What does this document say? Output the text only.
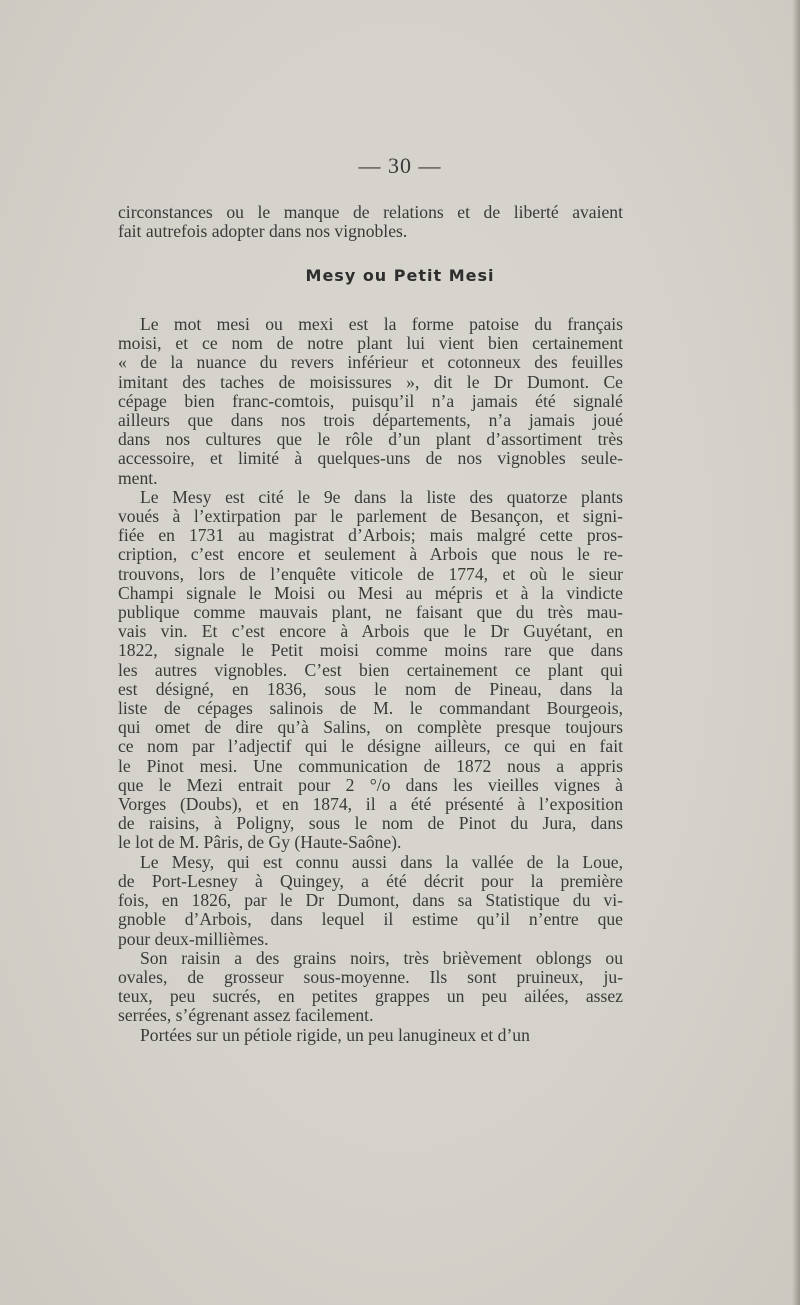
— 30 —
circonstances ou le manque de relations et de liberté avaient
fait autrefois adopter dans nos vignobles.
Mesy ou Petit Mesi
Le mot mesi ou mexi est la forme patoise du français
moisi, et ce nom de notre plant lui vient bien certainement
« de la nuance du revers inférieur et cotonneux des feuilles
imitant des taches de moisissures », dit le Dr Dumont. Ce
cépage bien franc-comtois, puisqu’il n’a jamais été signalé
ailleurs que dans nos trois départements, n’a jamais joué
dans nos cultures que le rôle d’un plant d’assortiment très
accessoire, et limité à quelques-uns de nos vignobles seule-
ment.
Le Mesy est cité le 9e dans la liste des quatorze plants
voués à l’extirpation par le parlement de Besançon, et signi-
fiée en 1731 au magistrat d’Arbois; mais malgré cette pros-
cription, c’est encore et seulement à Arbois que nous le re-
trouvons, lors de l’enquête viticole de 1774, et où le sieur
Champi signale le Moisi ou Mesi au mépris et à la vindicte
publique comme mauvais plant, ne faisant que du très mau-
vais vin. Et c’est encore à Arbois que le Dr Guyétant, en
1822, signale le Petit moisi comme moins rare que dans
les autres vignobles. C’est bien certainement ce plant qui
est désigné, en 1836, sous le nom de Pineau, dans la
liste de cépages salinois de M. le commandant Bourgeois,
qui omet de dire qu’à Salins, on complète presque toujours
ce nom par l’adjectif qui le désigne ailleurs, ce qui en fait
le Pinot mesi. Une communication de 1872 nous a appris
que le Mezi entrait pour 2 °/o dans les vieilles vignes à
Vorges (Doubs), et en 1874, il a été présenté à l’exposition
de raisins, à Poligny, sous le nom de Pinot du Jura, dans
le lot de M. Pâris, de Gy (Haute-Saône).
Le Mesy, qui est connu aussi dans la vallée de la Loue,
de Port-Lesney à Quingey, a été décrit pour la première
fois, en 1826, par le Dr Dumont, dans sa Statistique du vi-
gnoble d’Arbois, dans lequel il estime qu’il n’entre que
pour deux-millièmes.
Son raisin a des grains noirs, très brièvement oblongs ou
ovales, de grosseur sous-moyenne. Ils sont pruineux, ju-
teux, peu sucrés, en petites grappes un peu ailées, assez
serrées, s’égrenant assez facilement.
Portées sur un pétiole rigide, un peu lanugineux et d’un
